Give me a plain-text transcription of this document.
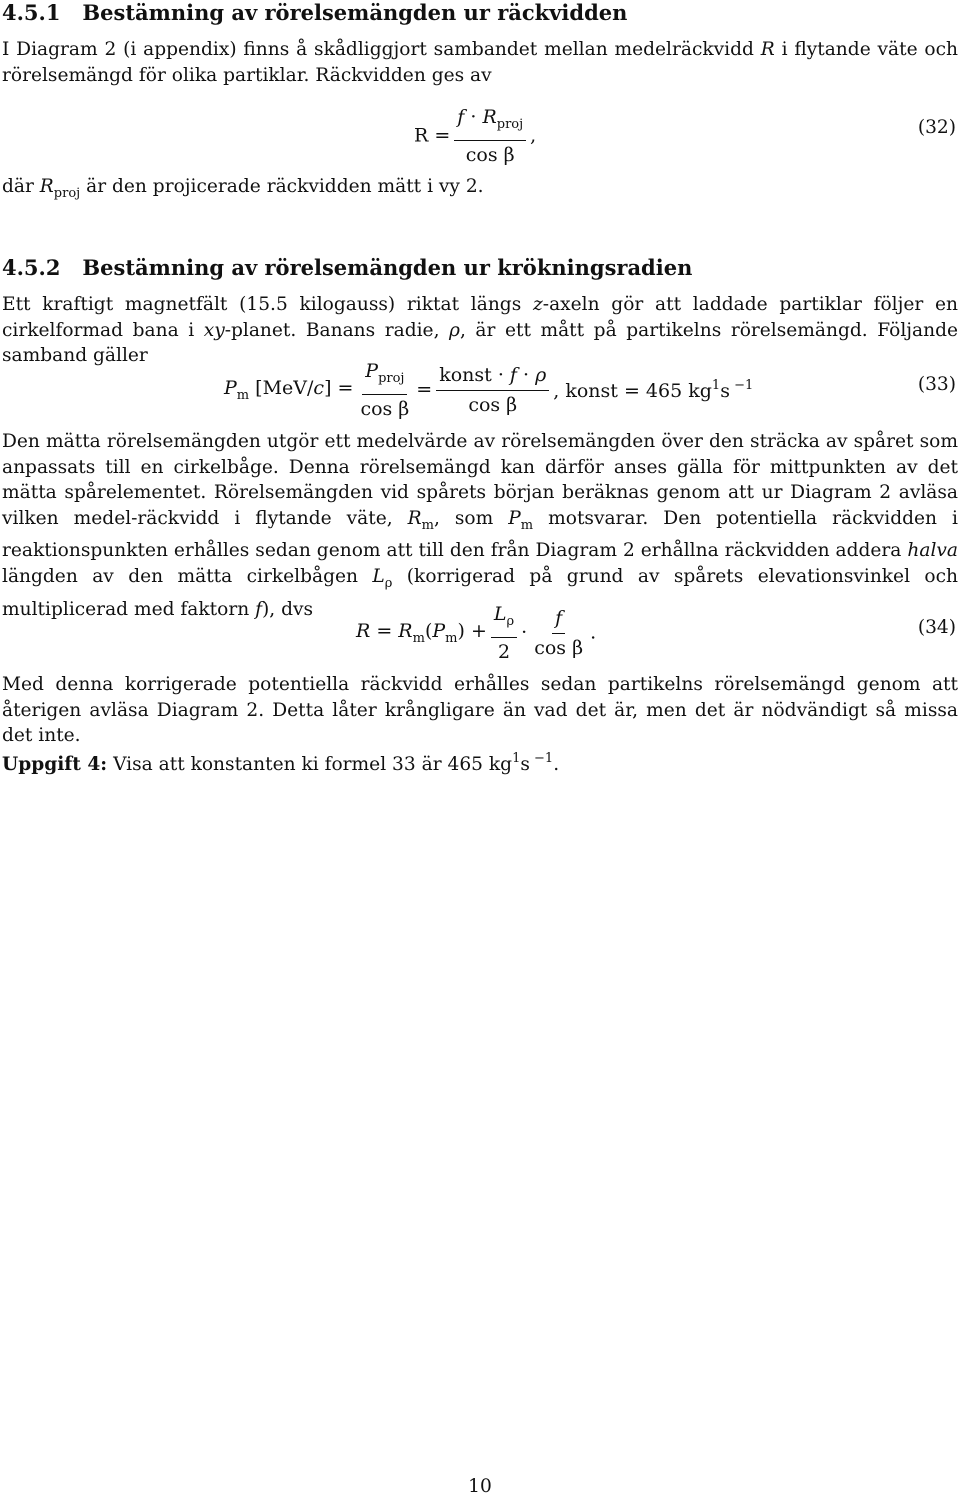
4.5.1 Bestämning av rörelsemängden ur räckvidden

I Diagram 2 (i appendix) finns å skådliggjort sambandet mellan medelräckvidd R i flytande väte och rörelsemängd för olika partiklar. Räckvidden ges av

$R = \frac{f \cdot R_{proj}}{\text{cos β}}$ ,	(32)

där $R_{proj}$ är den projicerade räckvidden mätt i vy 2.

4.5.2 Bestämning av rörelsemängden ur krökningsradien

Ett kraftigt magnetfält (15.5 kilogauss) riktat längs z-axeln gör att laddade partiklar följer en cirkelformad bana i xy-planet. Banans radie, ρ, är ett mått på partikelns rörelsemängd. Följande samband gäller

$P_m$ $[MeV/c] = \frac{P_{proj}}{\text{cos β}} = \frac{\text{konst · f · ρ}}{\text{cos β}}$ , konst = 465 $kg^1s$ $^{-1}$	(33)

Den mätta rörelsemängden utgör ett medelvärde av rörelsemängden över den sträcka av spåret som anpassats till en cirkelbåge. Denna rörelsemängd kan därför anses gälla för mittpunkten av det mätta spårelementet. Rörelsemängden vid spårets början beräknas genom att ur Diagram 2 avläsa vilken medel-räckvidd i flytande väte, $R_m$, som $P_m$ motsvarar. Den potentiella räckvidden i reaktionspunkten erhålles sedan genom att till den från Diagram 2 erhållna räckvidden addera halva längden av den mätta cirkelbågen $L_\rho$ (korrigerad på grund av spårets elevationsvinkel och multiplicerad med faktorn f), dvs

$R = R_m(P_m) + \frac{L_\rho}{2} \cdot \frac{f}{\text{cos β}}$ .	(34)

Med denna korrigerade potentiella räckvidd erhålles sedan partikelns rörelsemängd genom att återigen avläsa Diagram 2. Detta låter krångligare än vad det är, men det är nödvändigt så missa det inte.

Uppgift 4: Visa att konstanten ki formel 33 är 465 $kg^1s$ $^{-1}$.

10
